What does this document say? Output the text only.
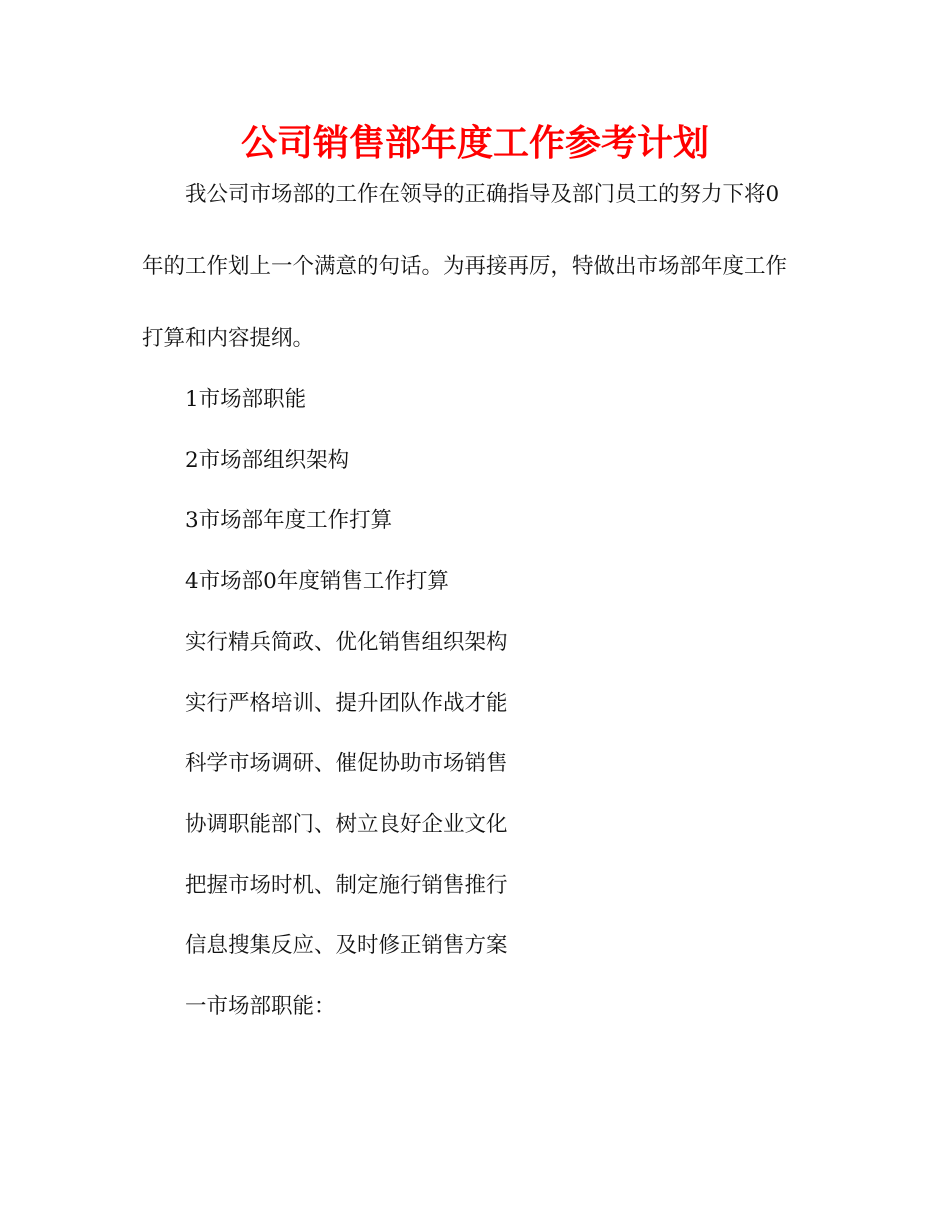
公司销售部年度工作参考计划
我公司市场部的工作在领导的正确指导及部门员工的努力下将0
年的工作划上一个满意的句话。为再接再厉，特做出市场部年度工作
打算和内容提纲。
1市场部职能
2市场部组织架构
3市场部年度工作打算
4市场部0年度销售工作打算
实行精兵简政、优化销售组织架构
实行严格培训、提升团队作战才能
科学市场调研、催促协助市场销售
协调职能部门、树立良好企业文化
把握市场时机、制定施行销售推行
信息搜集反应、及时修正销售方案
一市场部职能：
